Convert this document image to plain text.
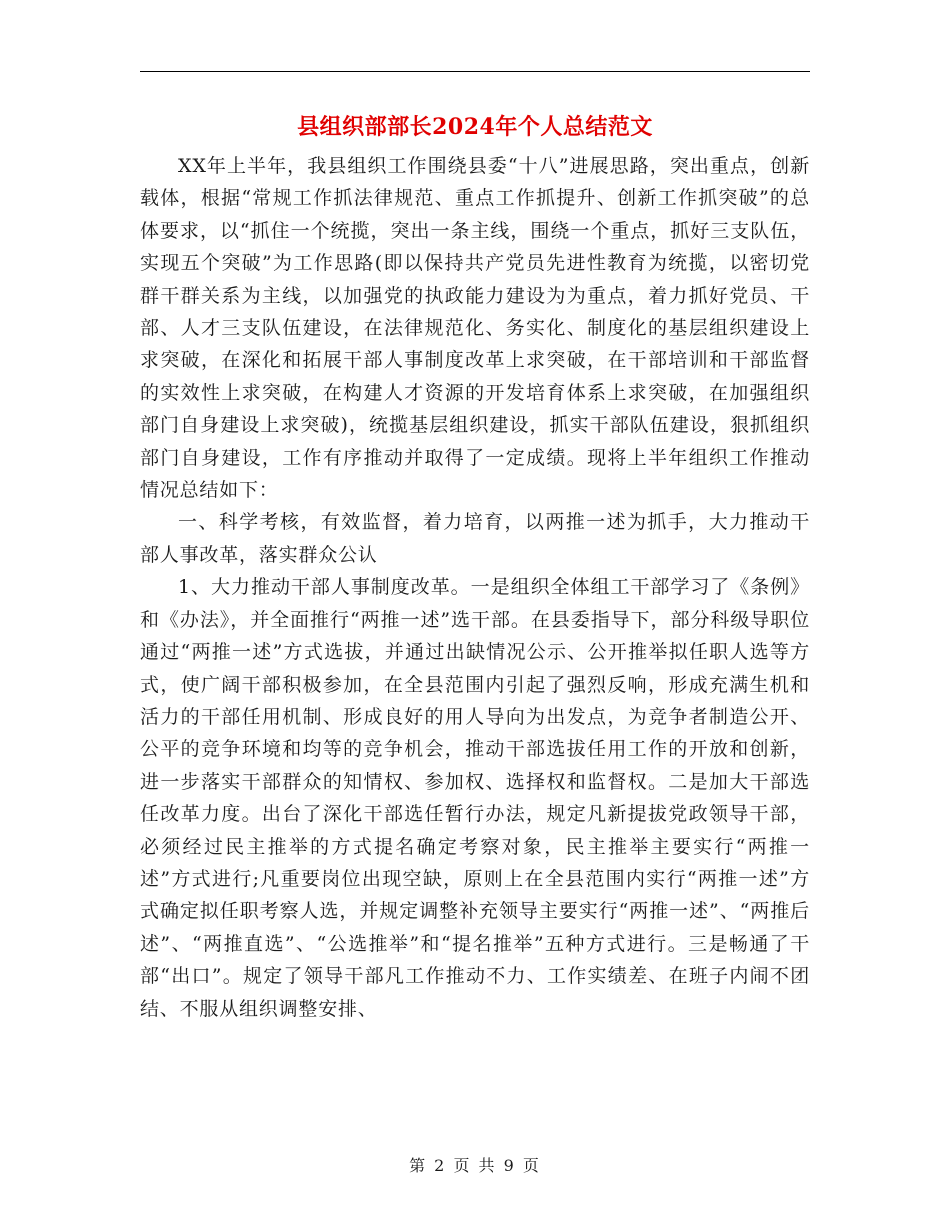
县组织部部长2024年个人总结范文

XX年上半年，我县组织工作围绕县委“十八”进展思路，突出重点，创新载体，根据“常规工作抓法律规范、重点工作抓提升、创新工作抓突破”的总体要求，以“抓住一个统揽，突出一条主线，围绕一个重点，抓好三支队伍，实现五个突破”为工作思路(即以保持共产党员先进性教育为统揽，以密切党群干群关系为主线，以加强党的执政能力建设为为重点，着力抓好党员、干部、人才三支队伍建设，在法律规范化、务实化、制度化的基层组织建设上求突破，在深化和拓展干部人事制度改革上求突破，在干部培训和干部监督的实效性上求突破，在构建人才资源的开发培育体系上求突破，在加强组织部门自身建设上求突破)，统揽基层组织建设，抓实干部队伍建设，狠抓组织部门自身建设，工作有序推动并取得了一定成绩。现将上半年组织工作推动情况总结如下：

一、科学考核，有效监督，着力培育，以两推一述为抓手，大力推动干部人事改革，落实群众公认

1、大力推动干部人事制度改革。一是组织全体组工干部学习了《条例》和《办法》，并全面推行“两推一述”选干部。在县委指导下，部分科级导职位通过“两推一述”方式选拔，并通过出缺情况公示、公开推举拟任职人选等方式，使广阔干部积极参加，在全县范围内引起了强烈反响，形成充满生机和活力的干部任用机制、形成良好的用人导向为出发点，为竞争者制造公开、公平的竞争环境和均等的竞争机会，推动干部选拔任用工作的开放和创新，进一步落实干部群众的知情权、参加权、选择权和监督权。二是加大干部选任改革力度。出台了深化干部选任暂行办法，规定凡新提拔党政领导干部，必须经过民主推举的方式提名确定考察对象，民主推举主要实行“两推一述”方式进行;凡重要岗位出现空缺，原则上在全县范围内实行“两推一述”方式确定拟任职考察人选，并规定调整补充领导主要实行“两推一述”、“两推后述”、“两推直选”、“公选推举”和“提名推举”五种方式进行。三是畅通了干部“出口”。规定了领导干部凡工作推动不力、工作实绩差、在班子内闹不团结、不服从组织调整安排、

第 2 页 共 9 页
